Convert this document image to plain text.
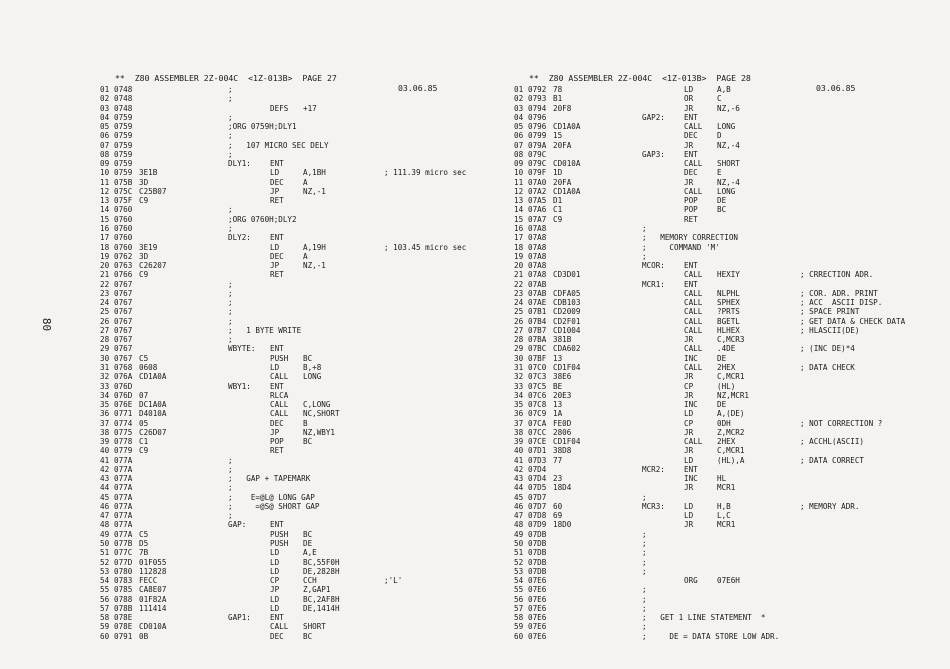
80

**  Z80 ASSEMBLER 2Z-004C  <1Z-013B>  PAGE 27

03.06.85

01 0748	;
02 0748	;
03 0748	DEFS +17
04 0759	;
05 0759	;ORG 0759H;DLY1
06 0759	;
07 0759	;   107 MICRO SEC DELY
08 0759	;
09 0759	DLY1:	ENT
10 0759 3E1B	LD	A,1BH	; 111.39 micro sec
11 075B 3D	DEC	A
12 075C C25B07	JP	NZ,-1
13 075F C9	RET
14 0760	;
15 0760	;ORG 0760H;DLY2
16 0760	;
17 0760	DLY2:	ENT
18 0760 3E19	LD	A,19H	; 103.45 micro sec
19 0762 3D	DEC	A
20 0763 C26207	JP	NZ,-1
21 0766 C9	RET
22 0767	;
23 0767	;
24 0767	;
25 0767	;
26 0767	;
27 0767	;   1 BYTE WRITE
28 0767	;
29 0767	WBYTE: ENT
30 0767 C5	PUSH BC
31 0768 0608	LD	B,+8
32 076A CD1A0A	CALL LONG
33 076D	WBY1:	ENT
34 076D 07	RLCA
35 076E DC1A0A	CALL C,LONG
36 0771 D4010A	CALL NC,SHORT
37 0774 05	DEC	B
38 0775 C26D07	JP	NZ,WBY1
39 0778 C1	POP	BC
40 0779 C9	RET
41 077A	;
42 077A	;
43 077A	;   GAP + TAPEMARK
44 077A	;
45 077A	;    E=@L@ LONG GAP
46 077A	;     =@S@ SHORT GAP
47 077A	;
48 077A	GAP:	ENT
49 077A C5	PUSH BC
50 077B D5	PUSH DE
51 077C 7B	LD	A,E
52 077D 01F055	LD	BC,55F0H
53 0780 112828	LD	DE,2828H
54 0783 FECC	CP	CCH	;'L'
55 0785 CA8E07	JP	Z,GAP1
56 0788 01F82A	LD	BC,2AF8H
57 078B 111414	LD	DE,1414H
58 078E	GAP1:	ENT
59 078E CD010A	CALL SHORT
60 0791 0B	DEC	BC

**  Z80 ASSEMBLER 2Z-004C  <1Z-013B>  PAGE 28

03.06.85

01 0792 78	LD	A,B
02 0793 B1	OR	C
03 0794 20F8	JR	NZ,-6
04 0796	GAP2:	ENT
05 0796 CD1A0A	CALL LONG
06 0799 15	DEC	D
07 079A 20FA	JR	NZ,-4
08 079C	GAP3:	ENT
09 079C CD010A	CALL SHORT
10 079F 1D	DEC	E
11 07A0 20FA	JR	NZ,-4
12 07A2 CD1A0A	CALL LONG
13 07A5 D1	POP	DE
14 07A6 C1	POP	BC
15 07A7 C9	RET
16 07A8	;
17 07A8	;   MEMORY CORRECTION
18 07A8	;     COMMAND 'M'
19 07A8	;
20 07A8	MCOR:	ENT
21 07A8 CD3D01	CALL HEXIY	; CRRECTION ADR.
22 07AB	MCR1:	ENT
23 07AB CDFA05	CALL NLPHL	; COR. ADR. PRINT
24 07AE CDB103	CALL SPHEX	; ACC  ASCII DISP.
25 07B1 CD2009	CALL ?PRTS	; SPACE PRINT
26 07B4 CD2F01	CALL BGETL	; GET DATA & CHECK DATA
27 07B7 CD1004	CALL HLHEX	; HLASCII(DE)
28 07BA 381B	JR	C,MCR3
29 07BC CDA602	CALL .4DE	; (INC DE)*4
30 07BF 13	INC	DE
31 07C0 CD1F04	CALL 2HEX	; DATA CHECK
32 07C3 38E6	JR	C,MCR1
33 07C5 BE	CP	(HL)
34 07C6 20E3	JR	NZ,MCR1
35 07C8 13	INC	DE
36 07C9 1A	LD	A,(DE)
37 07CA FE0D	CP	0DH	; NOT CORRECTION ?
38 07CC 2806	JR	Z,MCR2
39 07CE CD1F04	CALL 2HEX	; ACCHL(ASCII)
40 07D1 38D8	JR	C,MCR1
41 07D3 77	LD	(HL),A	; DATA CORRECT
42 07D4	MCR2:	ENT
43 07D4 23	INC	HL
44 07D5 18D4	JR	MCR1
45 07D7	;
46 07D7 60	MCR3:	LD	H,B	; MEMORY ADR.
47 07D8 69	LD	L,C
48 07D9 18D0	JR	MCR1
49 07DB	;
50 07DB	;
51 07DB	;
52 07DB	;
53 07DB	;
54 07E6	ORG	07E6H
55 07E6	;
56 07E6	;
57 07E6	;
58 07E6	;   GET 1 LINE STATEMENT  *
59 07E6	;
60 07E6	;     DE = DATA STORE LOW ADR.
